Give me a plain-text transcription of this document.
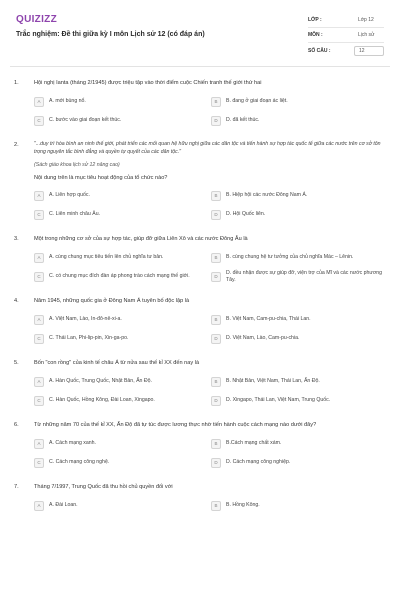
QUIZIZZ
Trắc nghiệm: Đề thi giữa kỳ I môn Lịch sử 12 (có đáp án)
LỚP :	Lớp 12
MÔN :	Lịch sử
SỐ CÂU :	12
1.	Hội nghị Ianta (tháng 2/1945) được triệu tập vào thời điểm cuộc Chiến tranh thế giới thứ hai
A	A. mới bùng nổ.	B	B. đang ở giai đoạn ác liệt.
C	C. bước vào giai đoạn kết thúc.	D	D. đã kết thúc.
2.	"...duy trì hòa bình an ninh thế giới, phát triển các mối quan hệ hữu nghị giữa các dân tộc và tiến hành sự hợp tác quốc tế giữa các nước trên cơ sở tôn trọng nguyên tắc bình đẳng và quyền tự quyết của các dân tộc."
(Sách giáo khoa lịch sử 12 nâng cao)
Nội dung trên là mục tiêu hoạt động của tổ chức nào?
A	A. Liên hợp quốc.	B	B. Hiệp hội các nước Đông Nam Á.
C	C. Liên minh châu Âu.	D	D. Hội Quốc liên.
3.	Một trong những cơ sở của sự hợp tác, giúp đỡ giữa Liên Xô và các nước Đông Âu là
A	A. cùng chung mục tiêu tiến lên chủ nghĩa tư bản.	B	B. cùng chung hệ tư tưởng của chủ nghĩa Mác – Lênin.
C	C. có chung mục đích đàn áp phong trào cách mạng thế giới.	D
D. đều nhận được sự giúp đỡ, viện trợ của Mĩ và các nước phương Tây.
4.	Năm 1945, những quốc gia ở Đông Nam Á tuyên bố độc lập là
A	A. Việt Nam, Lào, In-đô-nê-xi-a.	B	B. Việt Nam, Cam-pu-chia, Thái Lan.
C	C. Thái Lan, Phi-lip-pin, Xin-ga-po.	D	D. Việt Nam, Lào, Cam-pu-chia.
5.	Bốn "con rồng" của kinh tế châu Á từ nửa sau thế kỉ XX đến nay là
A	A. Hàn Quốc, Trung Quốc, Nhật Bản, Ấn Độ.	B	B. Nhật Bản, Việt Nam, Thái Lan, Ấn Độ.
C	C. Hàn Quốc, Hồng Kông, Đài Loan, Xingapo.	D	D. Xingapo, Thái Lan, Việt Nam, Trung Quốc.
6.	Từ những năm 70 của thế kỉ XX, Ấn Độ đã tự túc được lương thực nhờ tiến hành cuộc cách mạng nào dưới đây?
A	A. Cách mạng xanh.	B	B.Cách mạng chất xám.
C	C. Cách mạng công nghệ.	D	D. Cách mạng công nghiệp.
7.	Tháng 7/1997, Trung Quốc đã thu hồi chủ quyền đối với
A	A. Đài Loan.	B	B. Hồng Kông.
